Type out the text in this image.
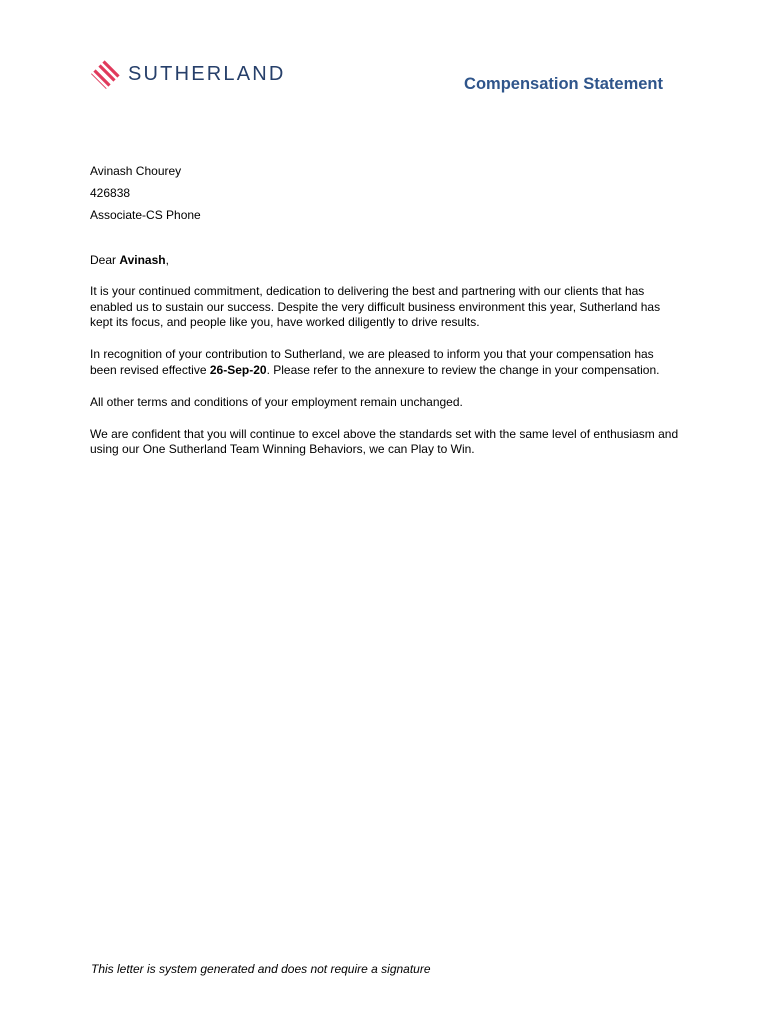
SUTHERLAND	Compensation Statement
Avinash Chourey
426838
Associate-CS Phone
Dear Avinash,

It is your continued commitment, dedication to delivering the best and partnering with our clients that has enabled us to sustain our success. Despite the very difficult business environment this year, Sutherland has kept its focus, and people like you, have worked diligently to drive results.

In recognition of your contribution to Sutherland, we are pleased to inform you that your compensation has been revised effective 26-Sep-20. Please refer to the annexure to review the change in your compensation.

All other terms and conditions of your employment remain unchanged.

We are confident that you will continue to excel above the standards set with the same level of enthusiasm and using our One Sutherland Team Winning Behaviors, we can Play to Win.

This letter is system generated and does not require a signature
